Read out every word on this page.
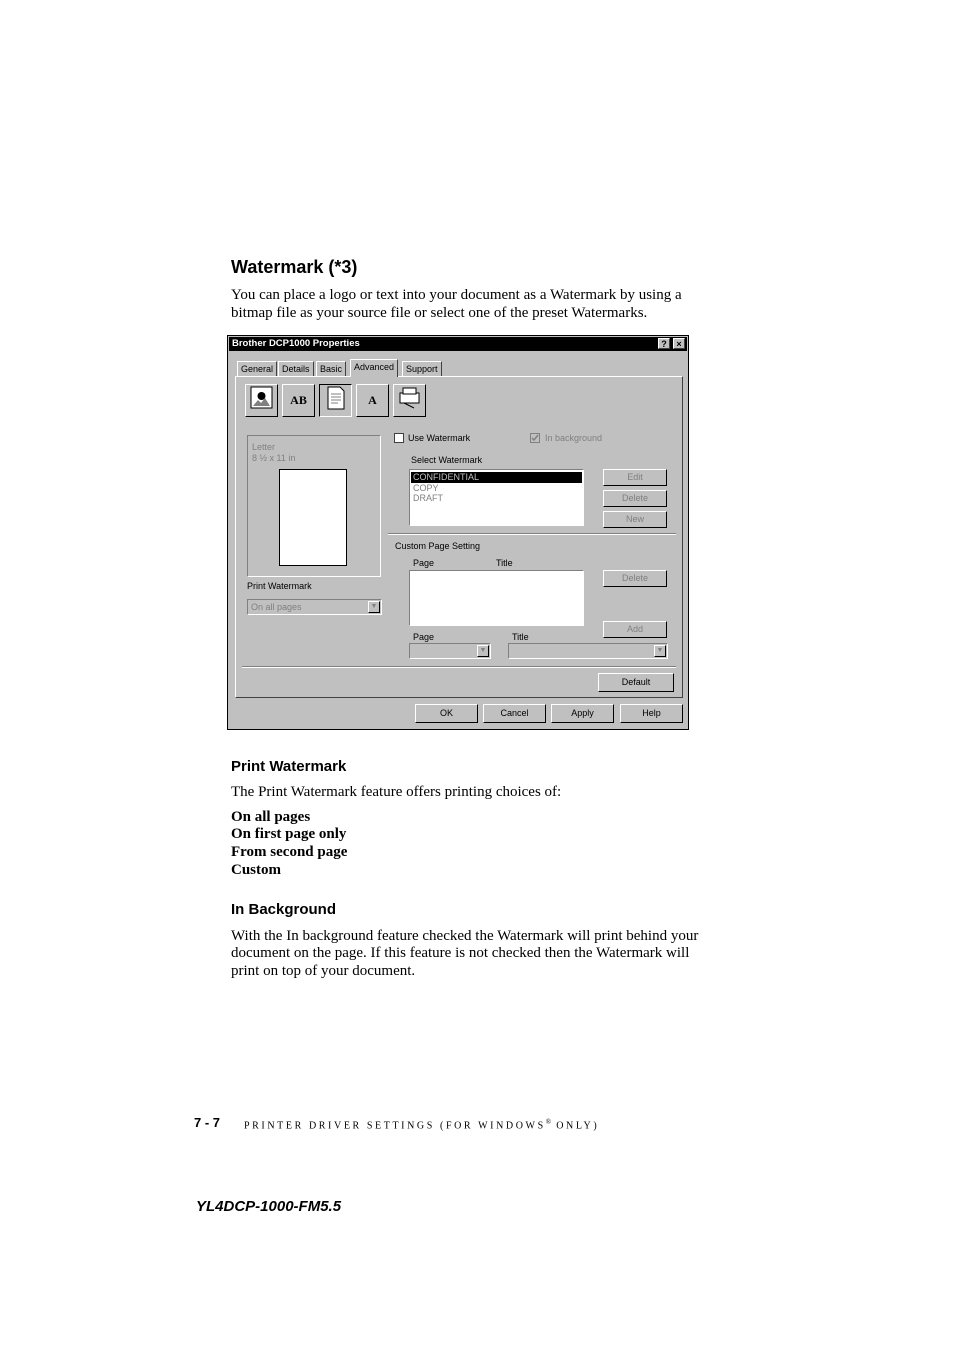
Watermark (*3)
You can place a logo or text into your document as a Watermark by using a
bitmap file as your source file or select one of the preset Watermarks.
Brother DCP1000 Properties	?	×
General Details	Basic	Advanced	Support
AB	A
Letter
8 ½ x 11 in
Print Watermark
On all pages	▼
Use Watermark	In background
Select Watermark
CONFIDENTIAL
COPY
DRAFT
Edit
Delete
New
Custom Page Setting
Page	Title
Delete
Add
Page	Title
▼	▼
Default
OK	Cancel	Apply	Help
Print Watermark
The Print Watermark feature offers printing choices of:
On all pages
On first page only
From second page
Custom
In Background
With the In background feature checked the Watermark will print behind your
document on the page. If this feature is not checked then the Watermark will
print on top of your document.
7 - 7 PRINTER DRIVER SETTINGS (FOR WINDOWS® ONLY)
YL4DCP-1000-FM5.5
